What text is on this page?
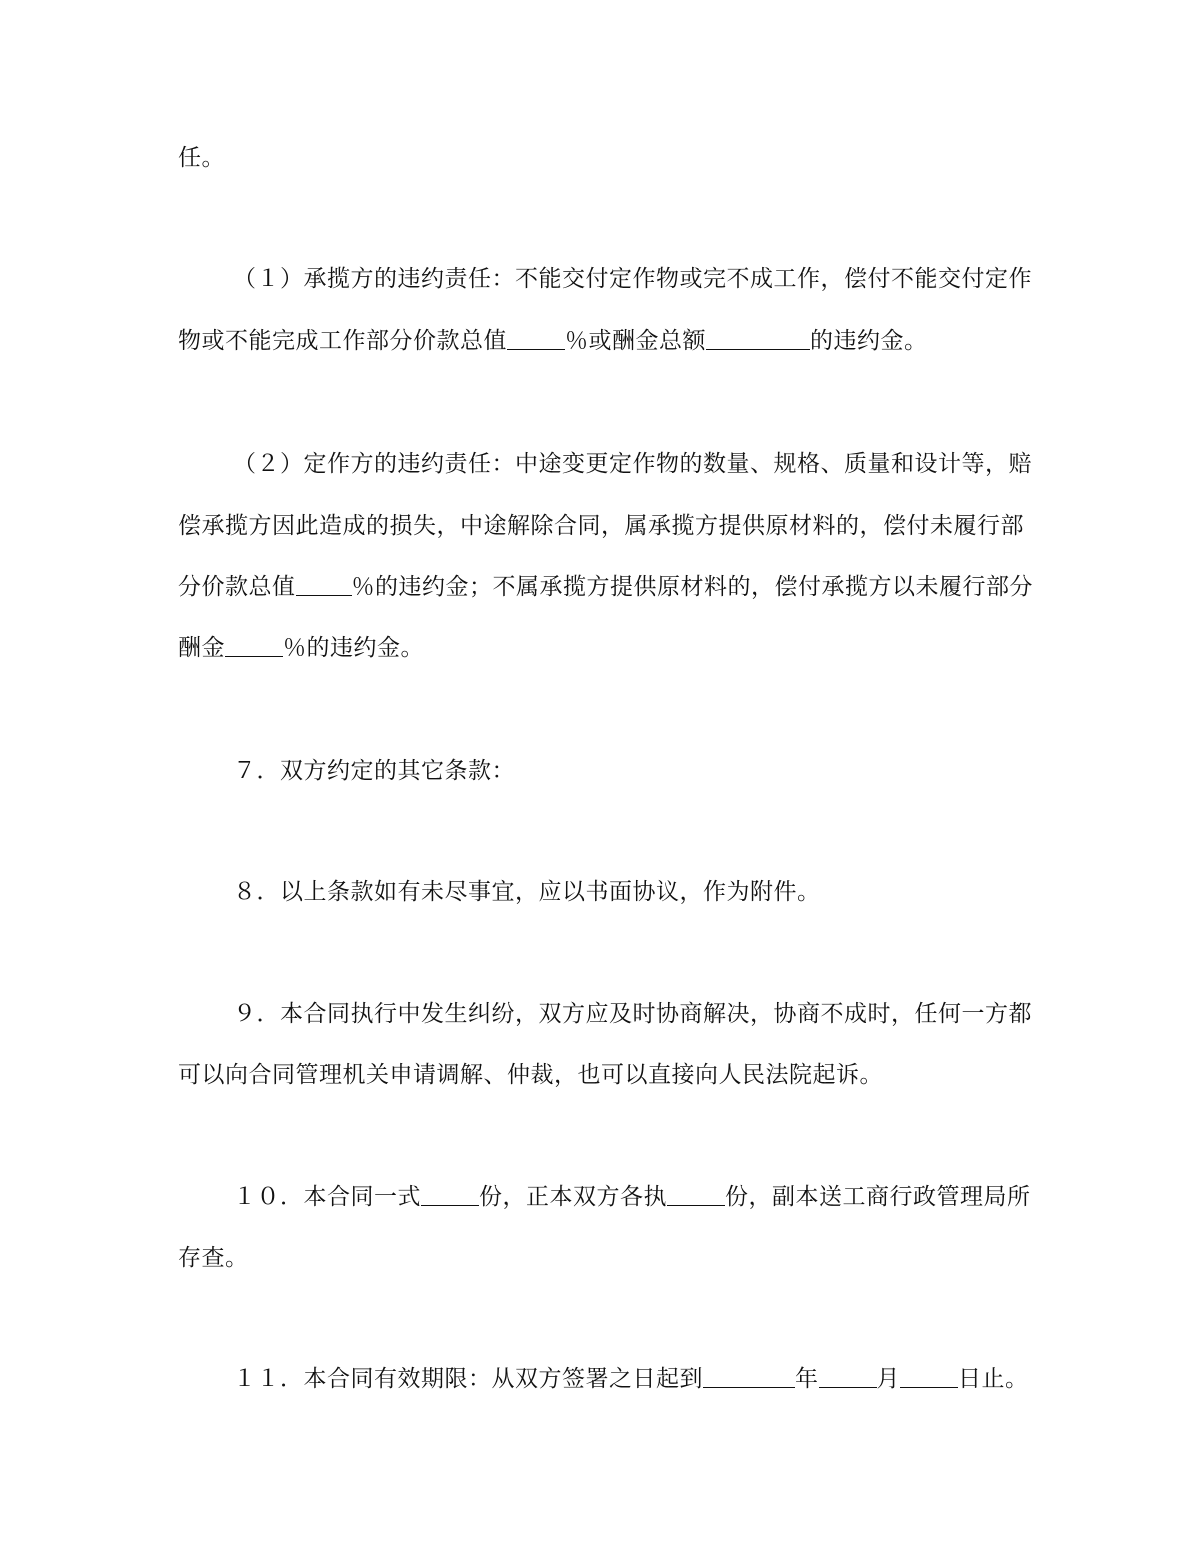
任。
（１）承揽方的违约责任：不能交付定作物或完不成工作，偿付不能交付定作
物或不能完成工作部分价款总值	％或酬金总额	的违约金。
（２）定作方的违约责任：中途变更定作物的数量、规格、质量和设计等，赔
偿承揽方因此造成的损失，中途解除合同，属承揽方提供原材料的，偿付未履行部
分价款总值 ％的违约金；不属承揽方提供原材料的，偿付承揽方以未履行部分
酬金	％的违约金。
７．双方约定的其它条款：
８．以上条款如有未尽事宜，应以书面协议，作为附件。
９．本合同执行中发生纠纷，双方应及时协商解决，协商不成时，任何一方都
可以向合同管理机关申请调解、仲裁，也可以直接向人民法院起诉。
１０．本合同一式	份，正本双方各执	份，副本送工商行政管理局所
存查。
１１．本合同有效期限：从双方签署之日起到	年	月	日止。
